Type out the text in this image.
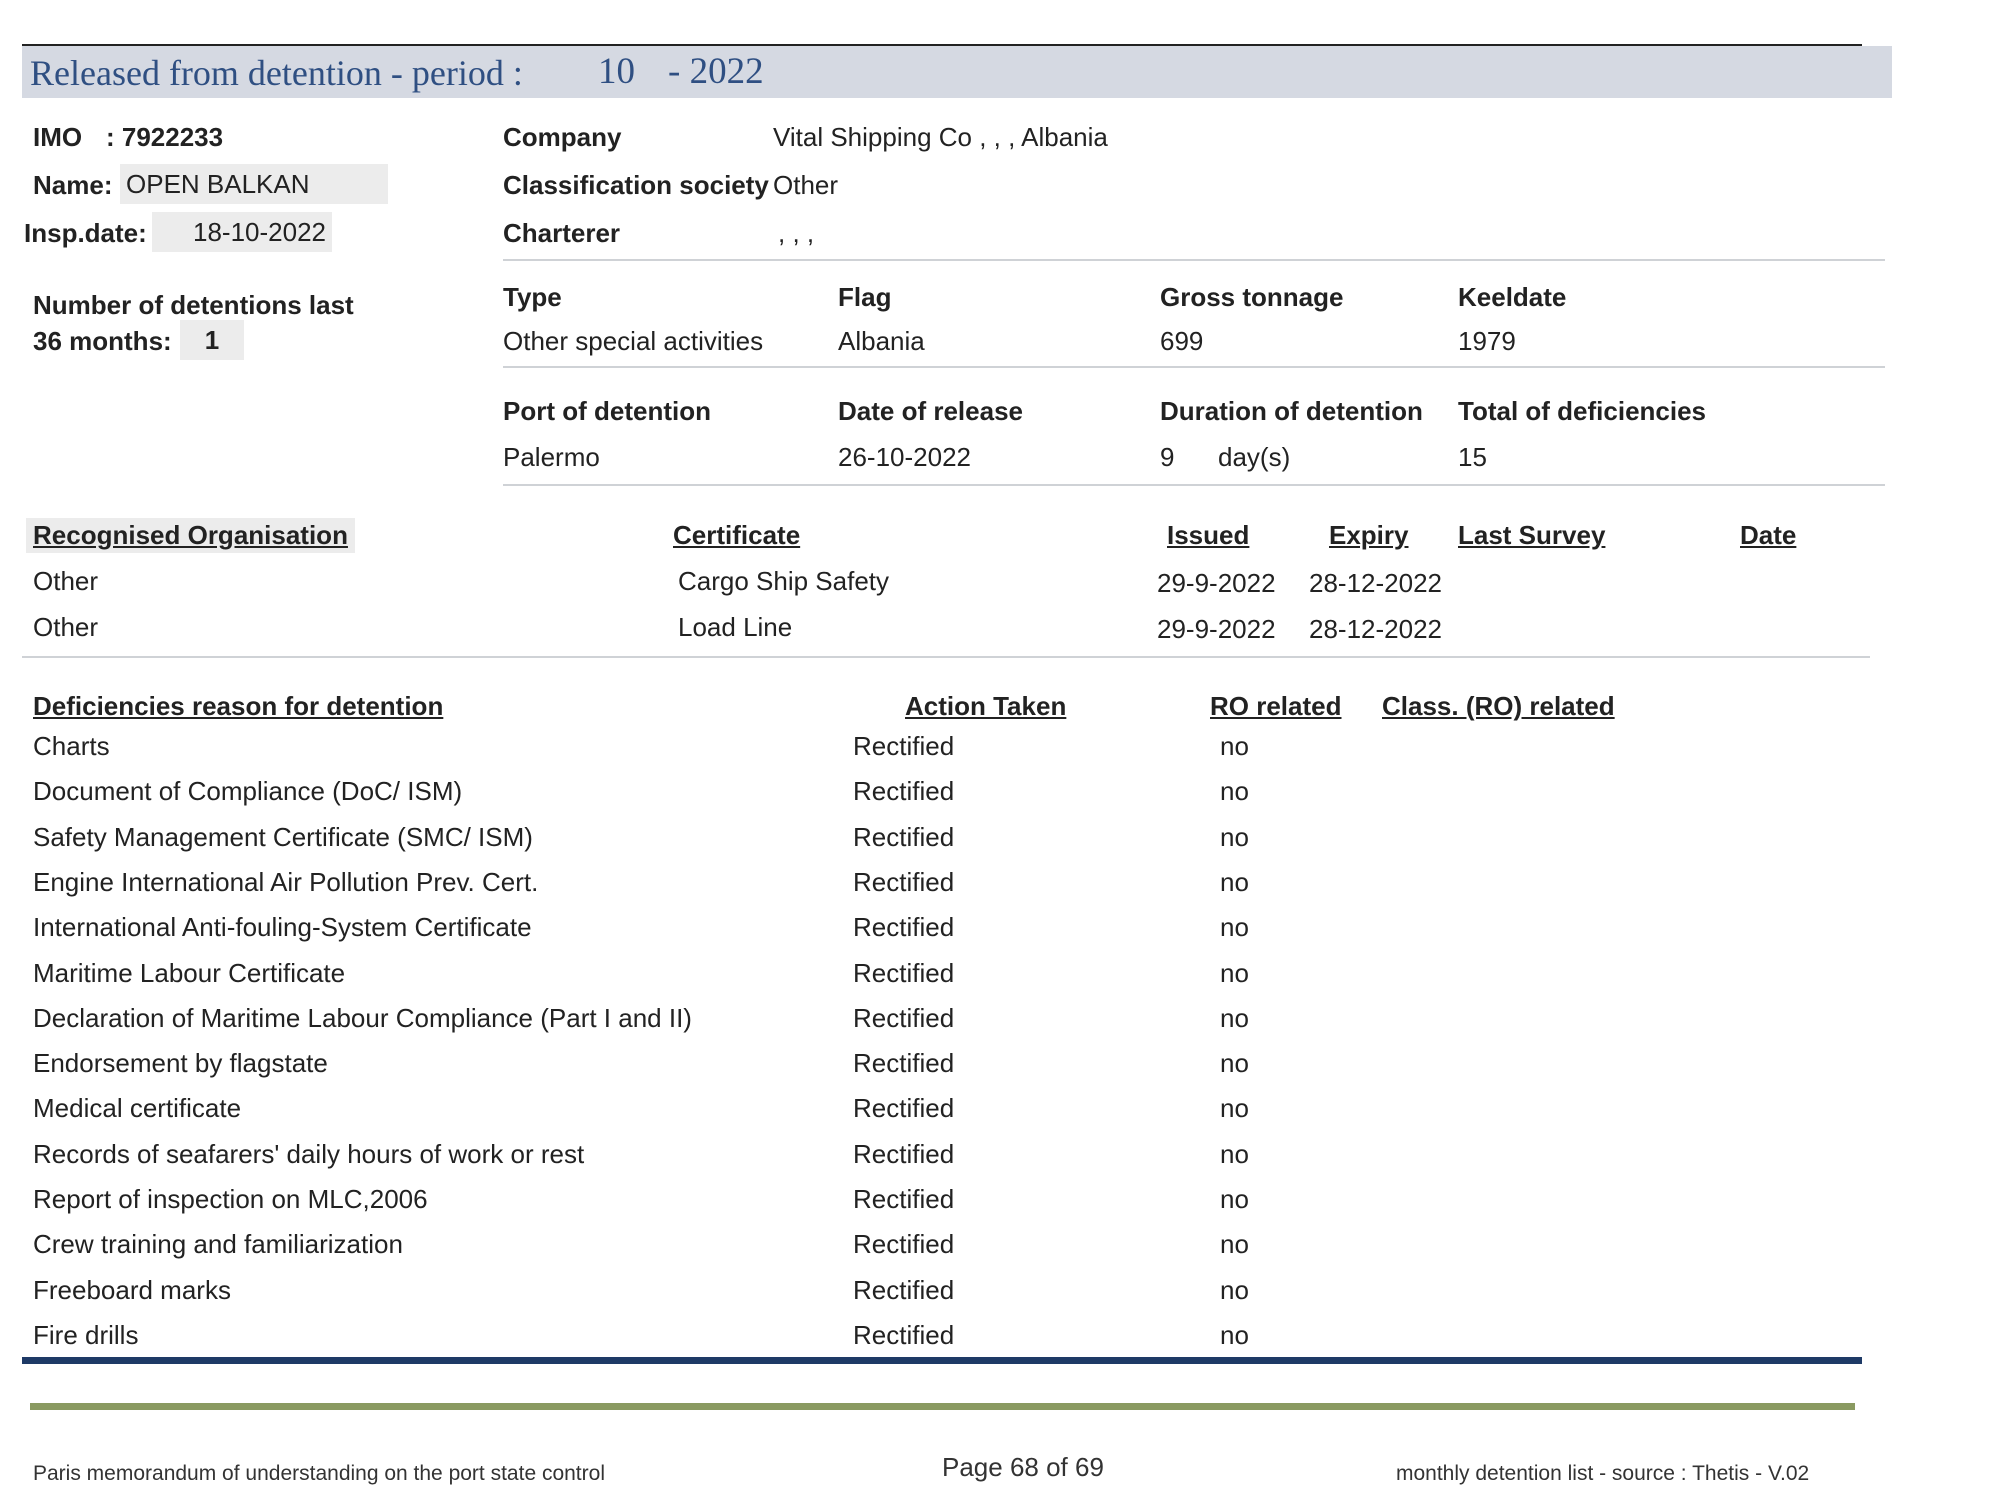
Released from detention - period : 10 - 2022
IMO : 7922233
Name: OPEN BALKAN
Insp.date:	18-10-2022
Number of detentions last
36 months:	1
Company	Vital Shipping Co , , , Albania
Classification society Other
Charterer	, , ,
Type
Other special activities
Flag
Albania
Gross tonnage
699
Keeldate
1979
Port of detention
Palermo
Date of release
26-10-2022
Duration of detention
9 day(s)
Total of deficiencies
15
Recognised Organisation	Certificate	Issued	Expiry Last Survey	Date
Other	Cargo Ship Safety	29-9-2022 28-12-2022
Other	Load Line	29-9-2022 28-12-2022
Deficiencies reason for detention	Action Taken	RO related Class. (RO) related
Charts	Rectified	no
Document of Compliance (DoC/ ISM)	Rectified	no
Safety Management Certificate (SMC/ ISM)	Rectified	no
Engine International Air Pollution Prev. Cert.	Rectified	no
International Anti-fouling-System Certificate	Rectified	no
Maritime Labour Certificate	Rectified	no
Declaration of Maritime Labour Compliance (Part I and II)	Rectified	no
Endorsement by flagstate	Rectified	no
Medical certificate	Rectified	no
Records of seafarers' daily hours of work or rest	Rectified	no
Report of inspection on MLC,2006	Rectified	no
Crew training and familiarization	Rectified	no
Freeboard marks	Rectified	no
Fire drills	Rectified	no
Paris memorandum of understanding on the port state control	Page 68 of 69	monthly detention list - source : Thetis - V.02
